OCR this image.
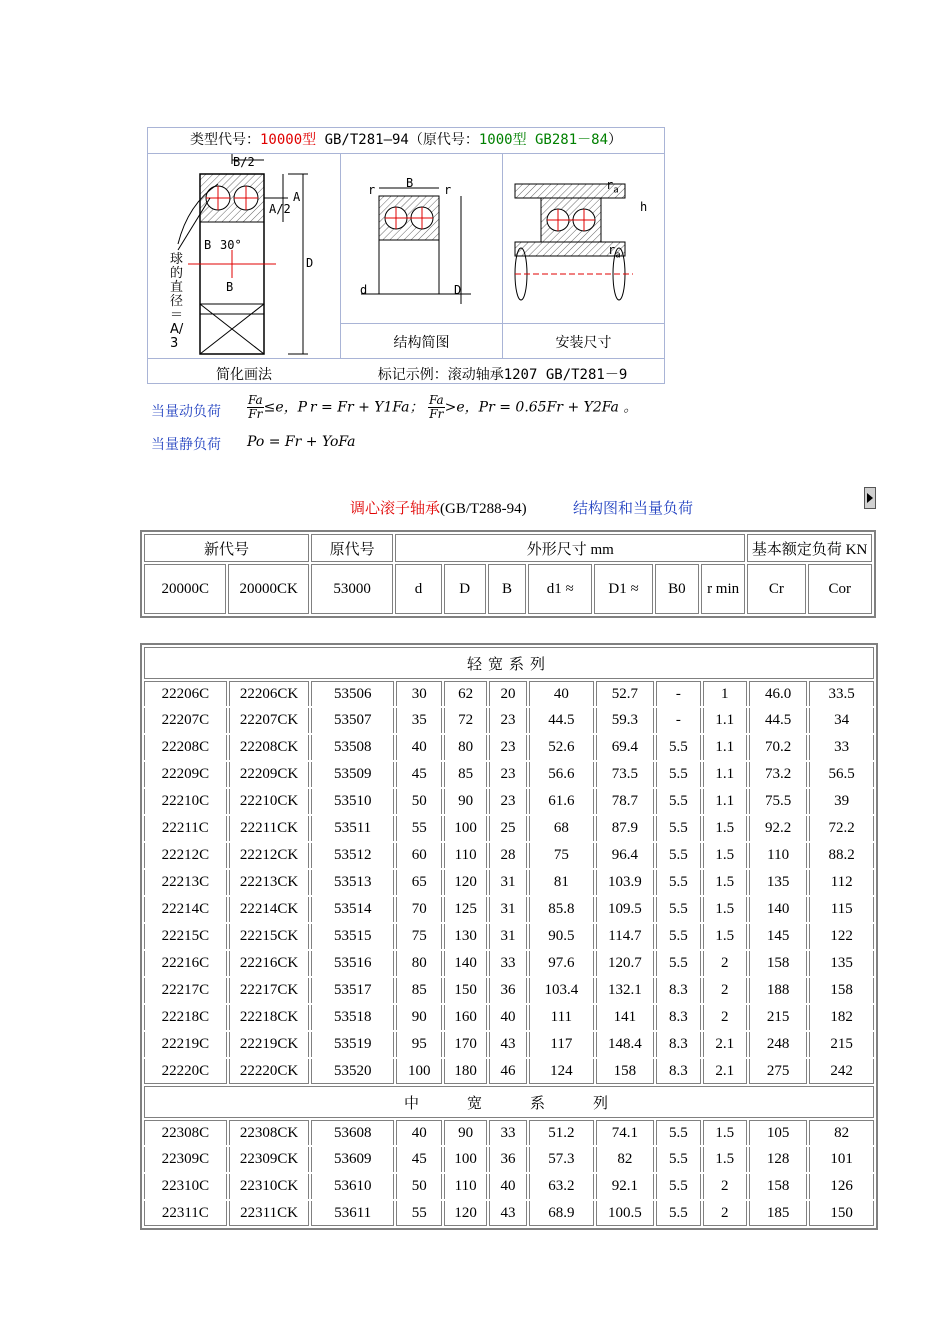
类型代号：10000型 GB/T281—94（原代号：1000型 GB281－84）
B/2
A
A/2
D
B 30°
B
球的直径＝A/3
r	r
B
d	D
$r_a$
$r_a$
h
结构简图	安装尺寸
简化画法	标记示例：滚动轴承1207 GB/T281－9
当量动负荷 $\frac{Fa}{Fr}\le e$，P r = Fr + Y1Fa； $\frac{Fa}{Fr}>e$，Pr = 0.65Fr + Y2Fa 。
当量静负荷 Po = Fr + YoFa
调心滚子轴承(GB/T288-94)	结构图和当量负荷
新代号		原代号	外形尺寸 mm							基本额定负荷 KN	
20000C	20000CK	53000	d	D	B	d1 ≈	D1 ≈	B0	r min	Cr	Cor
轻宽系列											
22206C	22206CK	53506	30	62	20	40	52.7	-	1	46.0	33.5
22207C	22207CK	53507	35	72	23	44.5	59.3	-	1.1	44.5	34
22208C	22208CK	53508	40	80	23	52.6	69.4	5.5	1.1	70.2	33
22209C	22209CK	53509	45	85	23	56.6	73.5	5.5	1.1	73.2	56.5
22210C	22210CK	53510	50	90	23	61.6	78.7	5.5	1.1	75.5	39
22211C	22211CK	53511	55	100	25	68	87.9	5.5	1.5	92.2	72.2
22212C	22212CK	53512	60	110	28	75	96.4	5.5	1.5	110	88.2
22213C	22213CK	53513	65	120	31	81	103.9	5.5	1.5	135	112
22214C	22214CK	53514	70	125	31	85.8	109.5	5.5	1.5	140	115
22215C	22215CK	53515	75	130	31	90.5	114.7	5.5	1.5	145	122
22216C	22216CK	53516	80	140	33	97.6	120.7	5.5	2	158	135
22217C	22217CK	53517	85	150	36	103.4	132.1	8.3	2	188	158
22218C	22218CK	53518	90	160	40	111	141	8.3	2	215	182
22219C	22219CK	53519	95	170	43	117	148.4	8.3	2.1	248	215
22220C	22220CK	53520	100	180	46	124	158	8.3	2.1	275	242
中　　宽　　系　　列											
22308C	22308CK	53608	40	90	33	51.2	74.1	5.5	1.5	105	82
22309C	22309CK	53609	45	100	36	57.3	82	5.5	1.5	128	101
22310C	22310CK	53610	50	110	40	63.2	92.1	5.5	2	158	126
22311C	22311CK	53611	55	120	43	68.9	100.5	5.5	2	185	150
